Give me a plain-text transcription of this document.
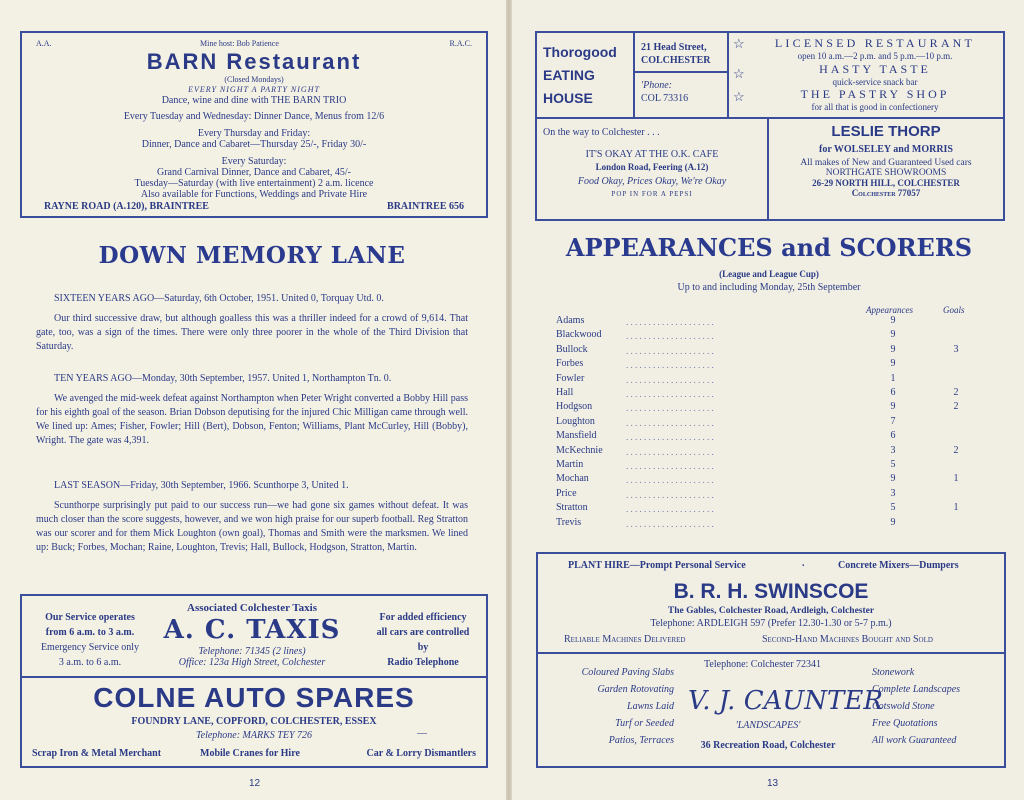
A.A.	Mine host: Bob Patience	R.A.C.
BARN Restaurant
(Closed Mondays)
EVERY NIGHT A PARTY NIGHT
Dance, wine and dine with THE BARN TRIO
Every Tuesday and Wednesday: Dinner Dance, Menus from 12/6
Every Thursday and Friday:
Dinner, Dance and Cabaret—Thursday 25/-, Friday 30/-
Every Saturday:
Grand Carnival Dinner, Dance and Cabaret, 45/-
Tuesday—Saturday (with live entertainment) 2 a.m. licence
Also available for Functions, Weddings and Private Hire
RAYNE ROAD (A.120), BRAINTREE	BRAINTREE 656
DOWN MEMORY LANE

SIXTEEN YEARS AGO—Saturday, 6th October, 1951. United 0, Torquay Utd. 0.

Our third successive draw, but although goalless this was a thriller indeed for a crowd of 9,614. That gate, too, was a sign of the times. There were only three poorer in the whole of the Third Division that Saturday.

TEN YEARS AGO—Monday, 30th September, 1957. United 1, Northampton Tn. 0.

We avenged the mid-week defeat against Northampton when Peter Wright converted a Bobby Hill pass for his eighth goal of the season. Brian Dobson deputising for the injured Chic Milligan came through well. We lined up: Ames; Fisher, Fowler; Hill (Bert), Dobson, Fenton; Williams, Plant McCurley, Hill (Bobby), Wright. The gate was 4,391.

LAST SEASON—Friday, 30th September, 1966. Scunthorpe 3, United 1.

Scunthorpe surprisingly put paid to our success run—we had gone six games without defeat. It was much closer than the score suggests, however, and we won high praise for our superb football. Reg Stratton was our scorer and for them Mick Loughton (own goal), Thomas and Smith were the marksmen. We lined up: Buck; Forbes, Mochan; Raine, Loughton, Trevis; Hall, Bullock, Hodgson, Stratton, Martin.

Our Service operates
from 6 a.m. to 3 a.m.
Emergency Service only
3 a.m. to 6 a.m.
Associated Colchester Taxis
A. C. TAXIS
Telephone: 71345 (2 lines)
Office: 123a High Street, Colchester
For added efficiency
all cars are controlled
by
Radio Telephone
COLNE AUTO SPARES
FOUNDRY LANE, COPFORD, COLCHESTER, ESSEX
Telephone: MARKS TEY 726	—
Scrap Iron & Metal Merchant	Mobile Cranes for Hire	Car & Lorry Dismantlers
12
Thorogood
EATING
HOUSE
21 Head Street,
COLCHESTER
'Phone:
COL 73316
☆
☆
☆
LICENSED RESTAURANT
open 10 a.m.—2 p.m. and 5 p.m.—10 p.m.
HASTY TASTE
quick-service snack bar
THE PASTRY SHOP
for all that is good in confectionery
On the way to Colchester . . .
IT'S OKAY AT THE O.K. CAFE
London Road, Feering (A.12)
Food Okay, Prices Okay, We're Okay
POP IN FOR A PEPSI
LESLIE THORP
for WOLSELEY and MORRIS
All makes of New and Guaranteed Used cars
NORTHGATE SHOWROOMS
26-29 NORTH HILL, COLCHESTER
Colchester 77057
APPEARANCES and SCORERS
(League and League Cup)
Up to and including Monday, 25th September
Appearances	Goals
Adams	. . . . . . . . . . . . . . . . . . . .	9
Blackwood	. . . . . . . . . . . . . . . . . . . .	9
Bullock	. . . . . . . . . . . . . . . . . . . .	9	3
Forbes	. . . . . . . . . . . . . . . . . . . .	9
Fowler	. . . . . . . . . . . . . . . . . . . .	1
Hall	. . . . . . . . . . . . . . . . . . . .	6	2
Hodgson	. . . . . . . . . . . . . . . . . . . .	9	2
Loughton	. . . . . . . . . . . . . . . . . . . .	7
Mansfield	. . . . . . . . . . . . . . . . . . . .	6
McKechnie	. . . . . . . . . . . . . . . . . . . .	3	2
Martin	. . . . . . . . . . . . . . . . . . . .	5
Mochan	. . . . . . . . . . . . . . . . . . . .	9	1
Price	. . . . . . . . . . . . . . . . . . . .	3
Stratton	. . . . . . . . . . . . . . . . . . . .	5	1
Trevis	. . . . . . . . . . . . . . . . . . . .	9
PLANT HIRE—Prompt Personal Service	.	Concrete Mixers—Dumpers
B. R. H. SWINSCOE
The Gables, Colchester Road, Ardleigh, Colchester
Telephone: ARDLEIGH 597 (Prefer 12.30-1.30 or 5-7 p.m.)
Reliable Machines Delivered	Second-Hand Machines Bought and Sold
Coloured Paving Slabs
Garden Rotovating
Lawns Laid
Turf or Seeded
Patios, Terraces
Telephone: Colchester 72341
V. J. CAUNTER
'LANDSCAPES'
36 Recreation Road, Colchester
Stonework
Complete Landscapes
Cotswold Stone
Free Quotations
All work Guaranteed
13
